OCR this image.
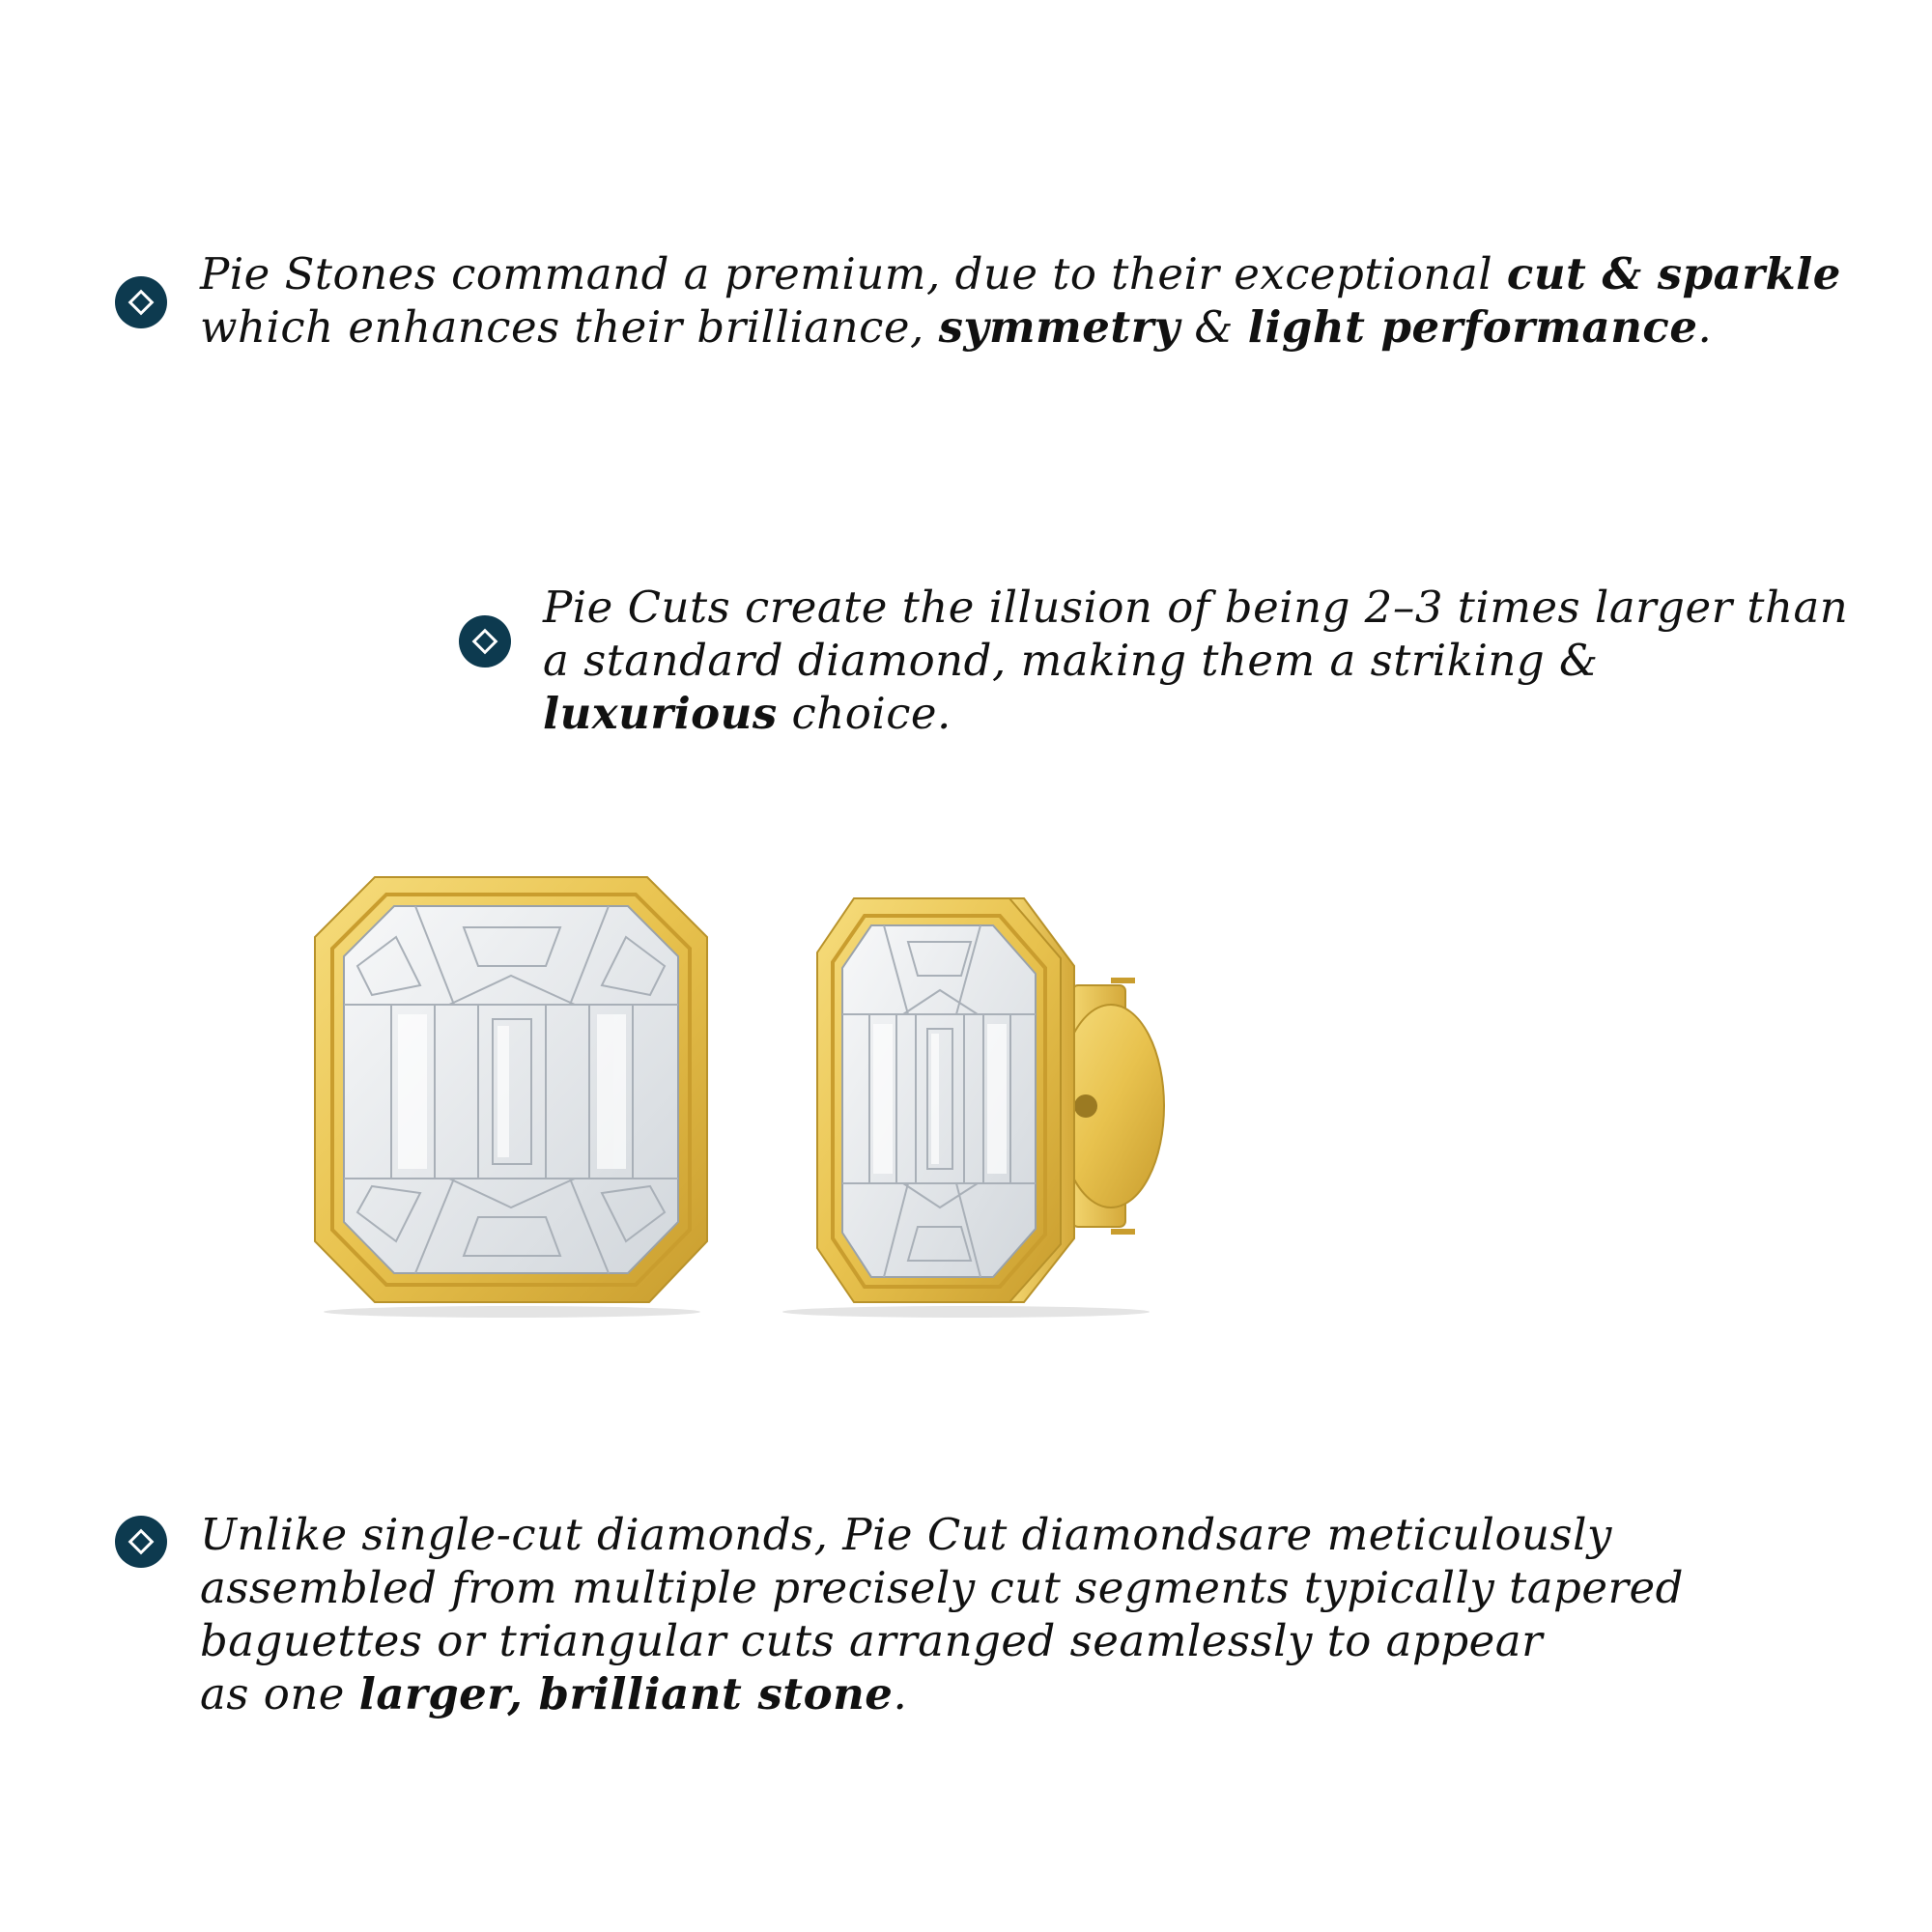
Pie Stones command a premium, due to their exceptional cut & sparkle
which enhances their brilliance, symmetry & light performance.
Pie Cuts create the illusion of being 2–3 times larger than
a standard diamond, making them a striking &
luxurious choice.
Unlike single-cut diamonds, Pie Cut diamondsare meticulously
assembled from multiple precisely cut segments typically tapered
baguettes or triangular cuts arranged seamlessly to appear
as one larger, brilliant stone.
